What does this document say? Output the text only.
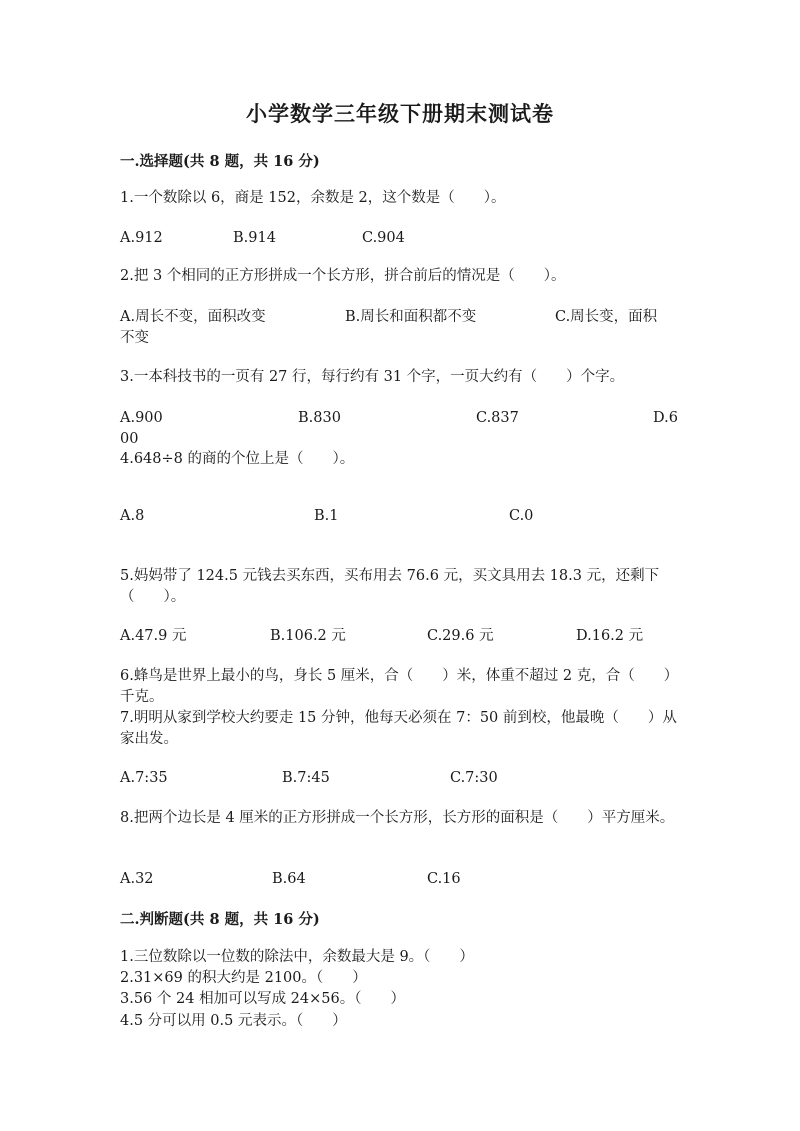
小学数学三年级下册期末测试卷
一.选择题(共 8 题，共 16 分)
1.一个数除以 6，商是 152，余数是 2，这个数是（　　）。
A.912	B.914	C.904
2.把 3 个相同的正方形拼成一个长方形，拼合前后的情况是（　　）。
A.周长不变，面积改变	B.周长和面积都不变	C.周长变，面积
不变
3.一本科技书的一页有 27 行，每行约有 31 个字，一页大约有（　　）个字。
A.900	B.830	C.837	D.6
00
4.648÷8 的商的个位上是（　　）。
A.8	B.1	C.0
5.妈妈带了 124.5 元钱去买东西，买布用去 76.6 元，买文具用去 18.3 元，还剩下（　　）。
A.47.9 元	B.106.2 元	C.29.6 元	D.16.2 元
6.蜂鸟是世界上最小的鸟，身长 5 厘米，合（　　）米，体重不超过 2 克，合（　　）千克。
7.明明从家到学校大约要走 15 分钟，他每天必须在 7：50 前到校，他最晚（　　）从家出发。
A.7:35	B.7:45	C.7:30
8.把两个边长是 4 厘米的正方形拼成一个长方形，长方形的面积是（　　）平方厘米。
A.32	B.64	C.16
二.判断题(共 8 题，共 16 分)
1.三位数除以一位数的除法中，余数最大是 9。（　　）
2.31×69 的积大约是 2100。（　　）
3.56 个 24 相加可以写成 24×56。（　　）
4.5 分可以用 0.5 元表示。（　　）
